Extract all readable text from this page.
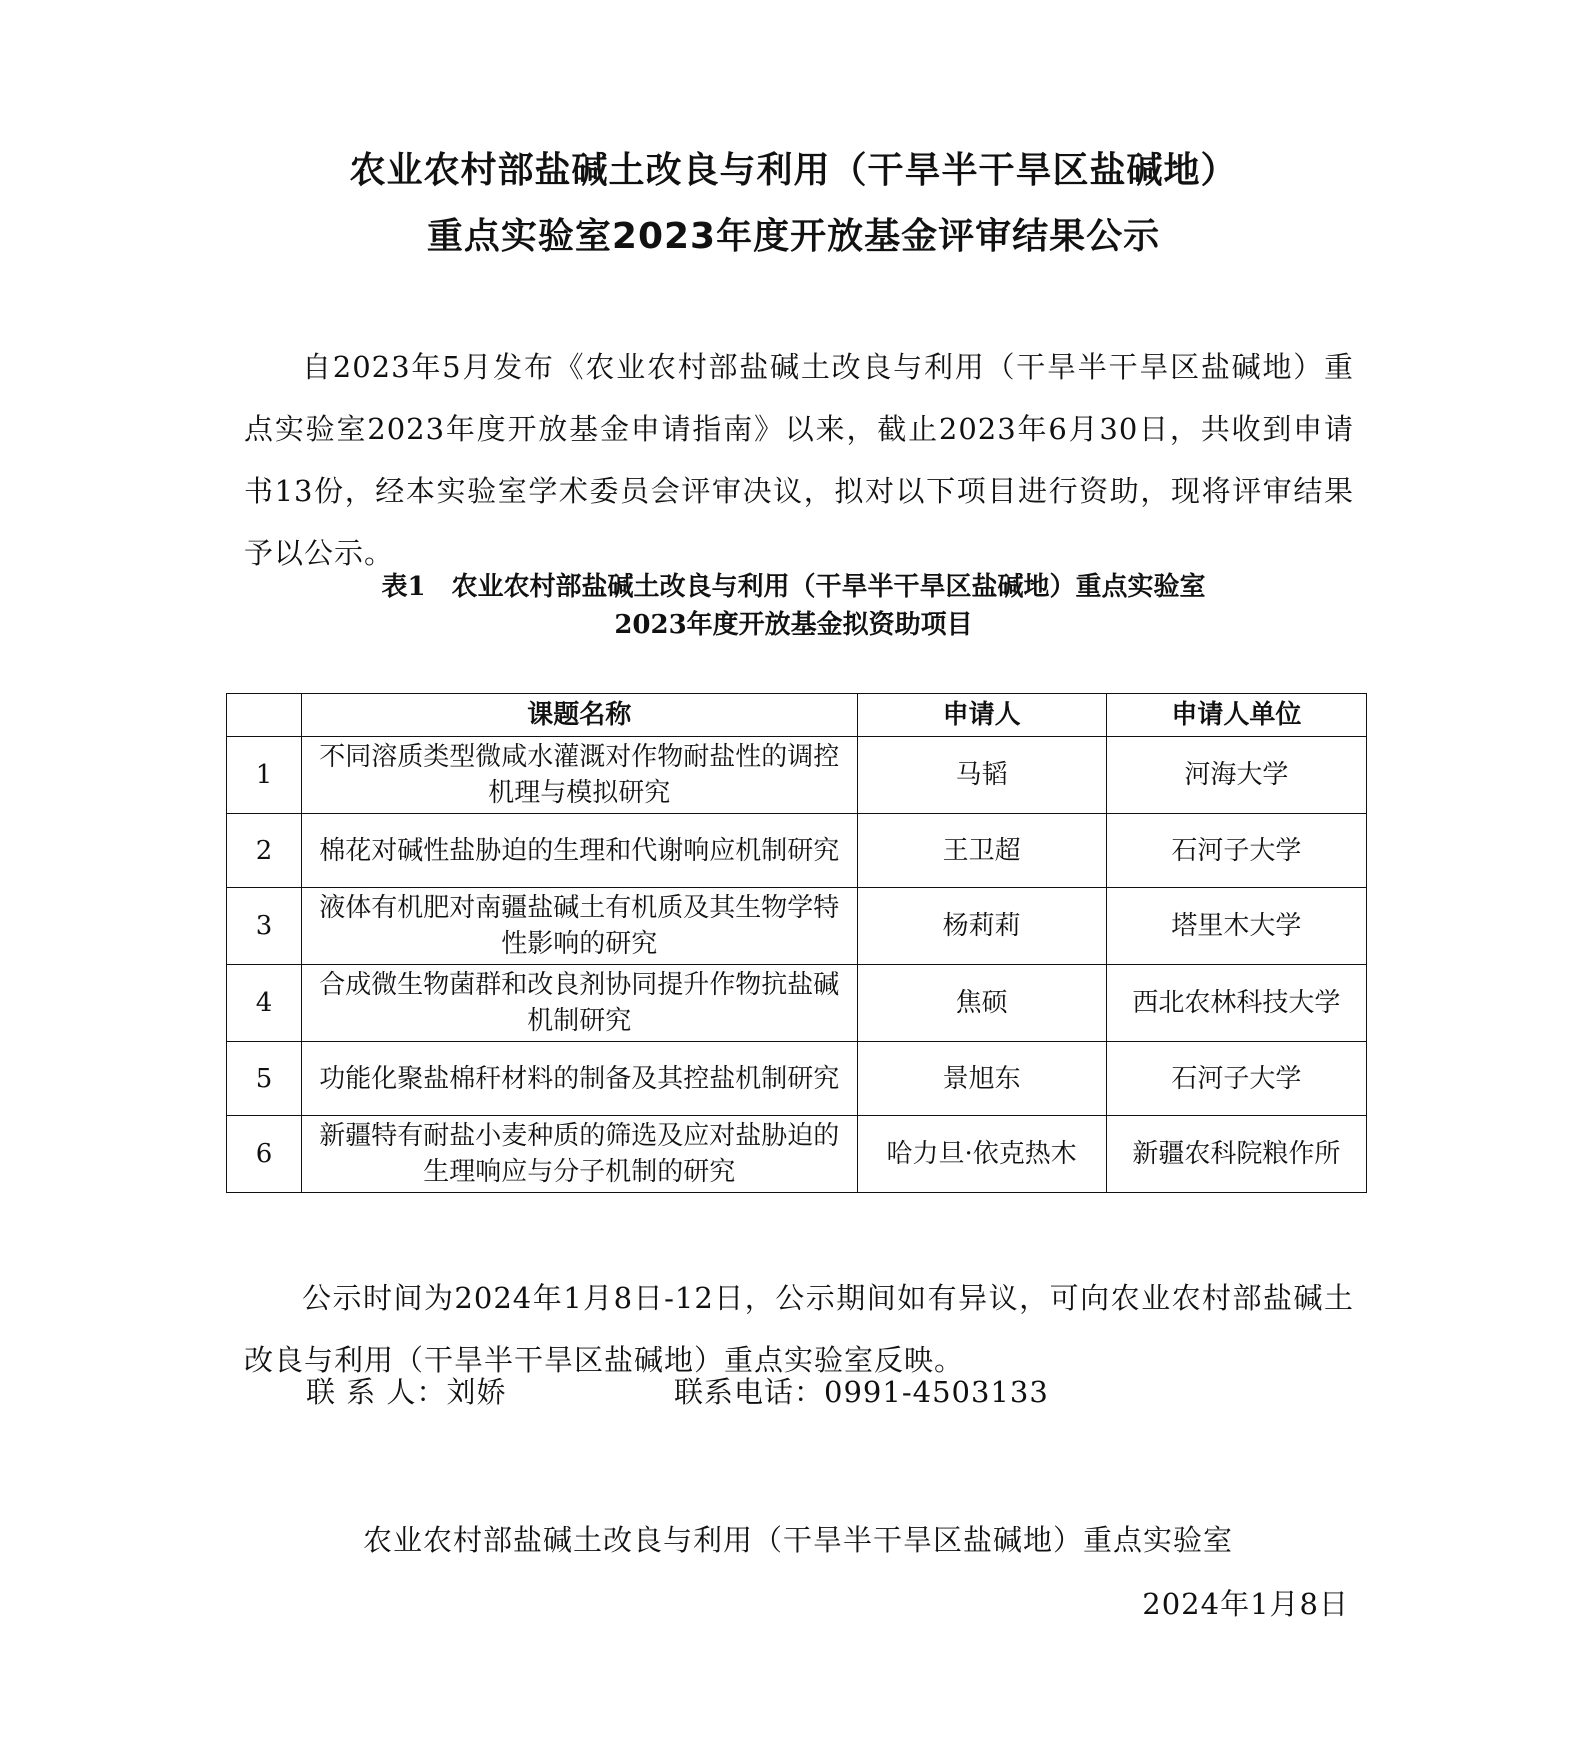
农业农村部盐碱土改良与利用（干旱半干旱区盐碱地）
重点实验室2023年度开放基金评审结果公示

自2023年5月发布《农业农村部盐碱土改良与利用（干旱半干旱区盐碱地）重点实验室2023年度开放基金申请指南》以来，截止2023年6月30日，共收到申请书13份，经本实验室学术委员会评审决议，拟对以下项目进行资助，现将评审结果予以公示。

表1　农业农村部盐碱土改良与利用（干旱半干旱区盐碱地）重点实验室
2023年度开放基金拟资助项目
	课题名称	申请人	申请人单位
1	不同溶质类型微咸水灌溉对作物耐盐性的调控机理与模拟研究	马韬	河海大学
2	棉花对碱性盐胁迫的生理和代谢响应机制研究	王卫超	石河子大学
3	液体有机肥对南疆盐碱土有机质及其生物学特性影响的研究	杨莉莉	塔里木大学
4	合成微生物菌群和改良剂协同提升作物抗盐碱机制研究	焦硕	西北农林科技大学
5	功能化聚盐棉秆材料的制备及其控盐机制研究	景旭东	石河子大学
6	新疆特有耐盐小麦种质的筛选及应对盐胁迫的生理响应与分子机制的研究	哈力旦·依克热木	新疆农科院粮作所

公示时间为2024年1月8日-12日，公示期间如有异议，可向农业农村部盐碱土改良与利用（干旱半干旱区盐碱地）重点实验室反映。

联 系 人：刘娇	联系电话：0991-4503133
农业农村部盐碱土改良与利用（干旱半干旱区盐碱地）重点实验室
2024年1月8日
